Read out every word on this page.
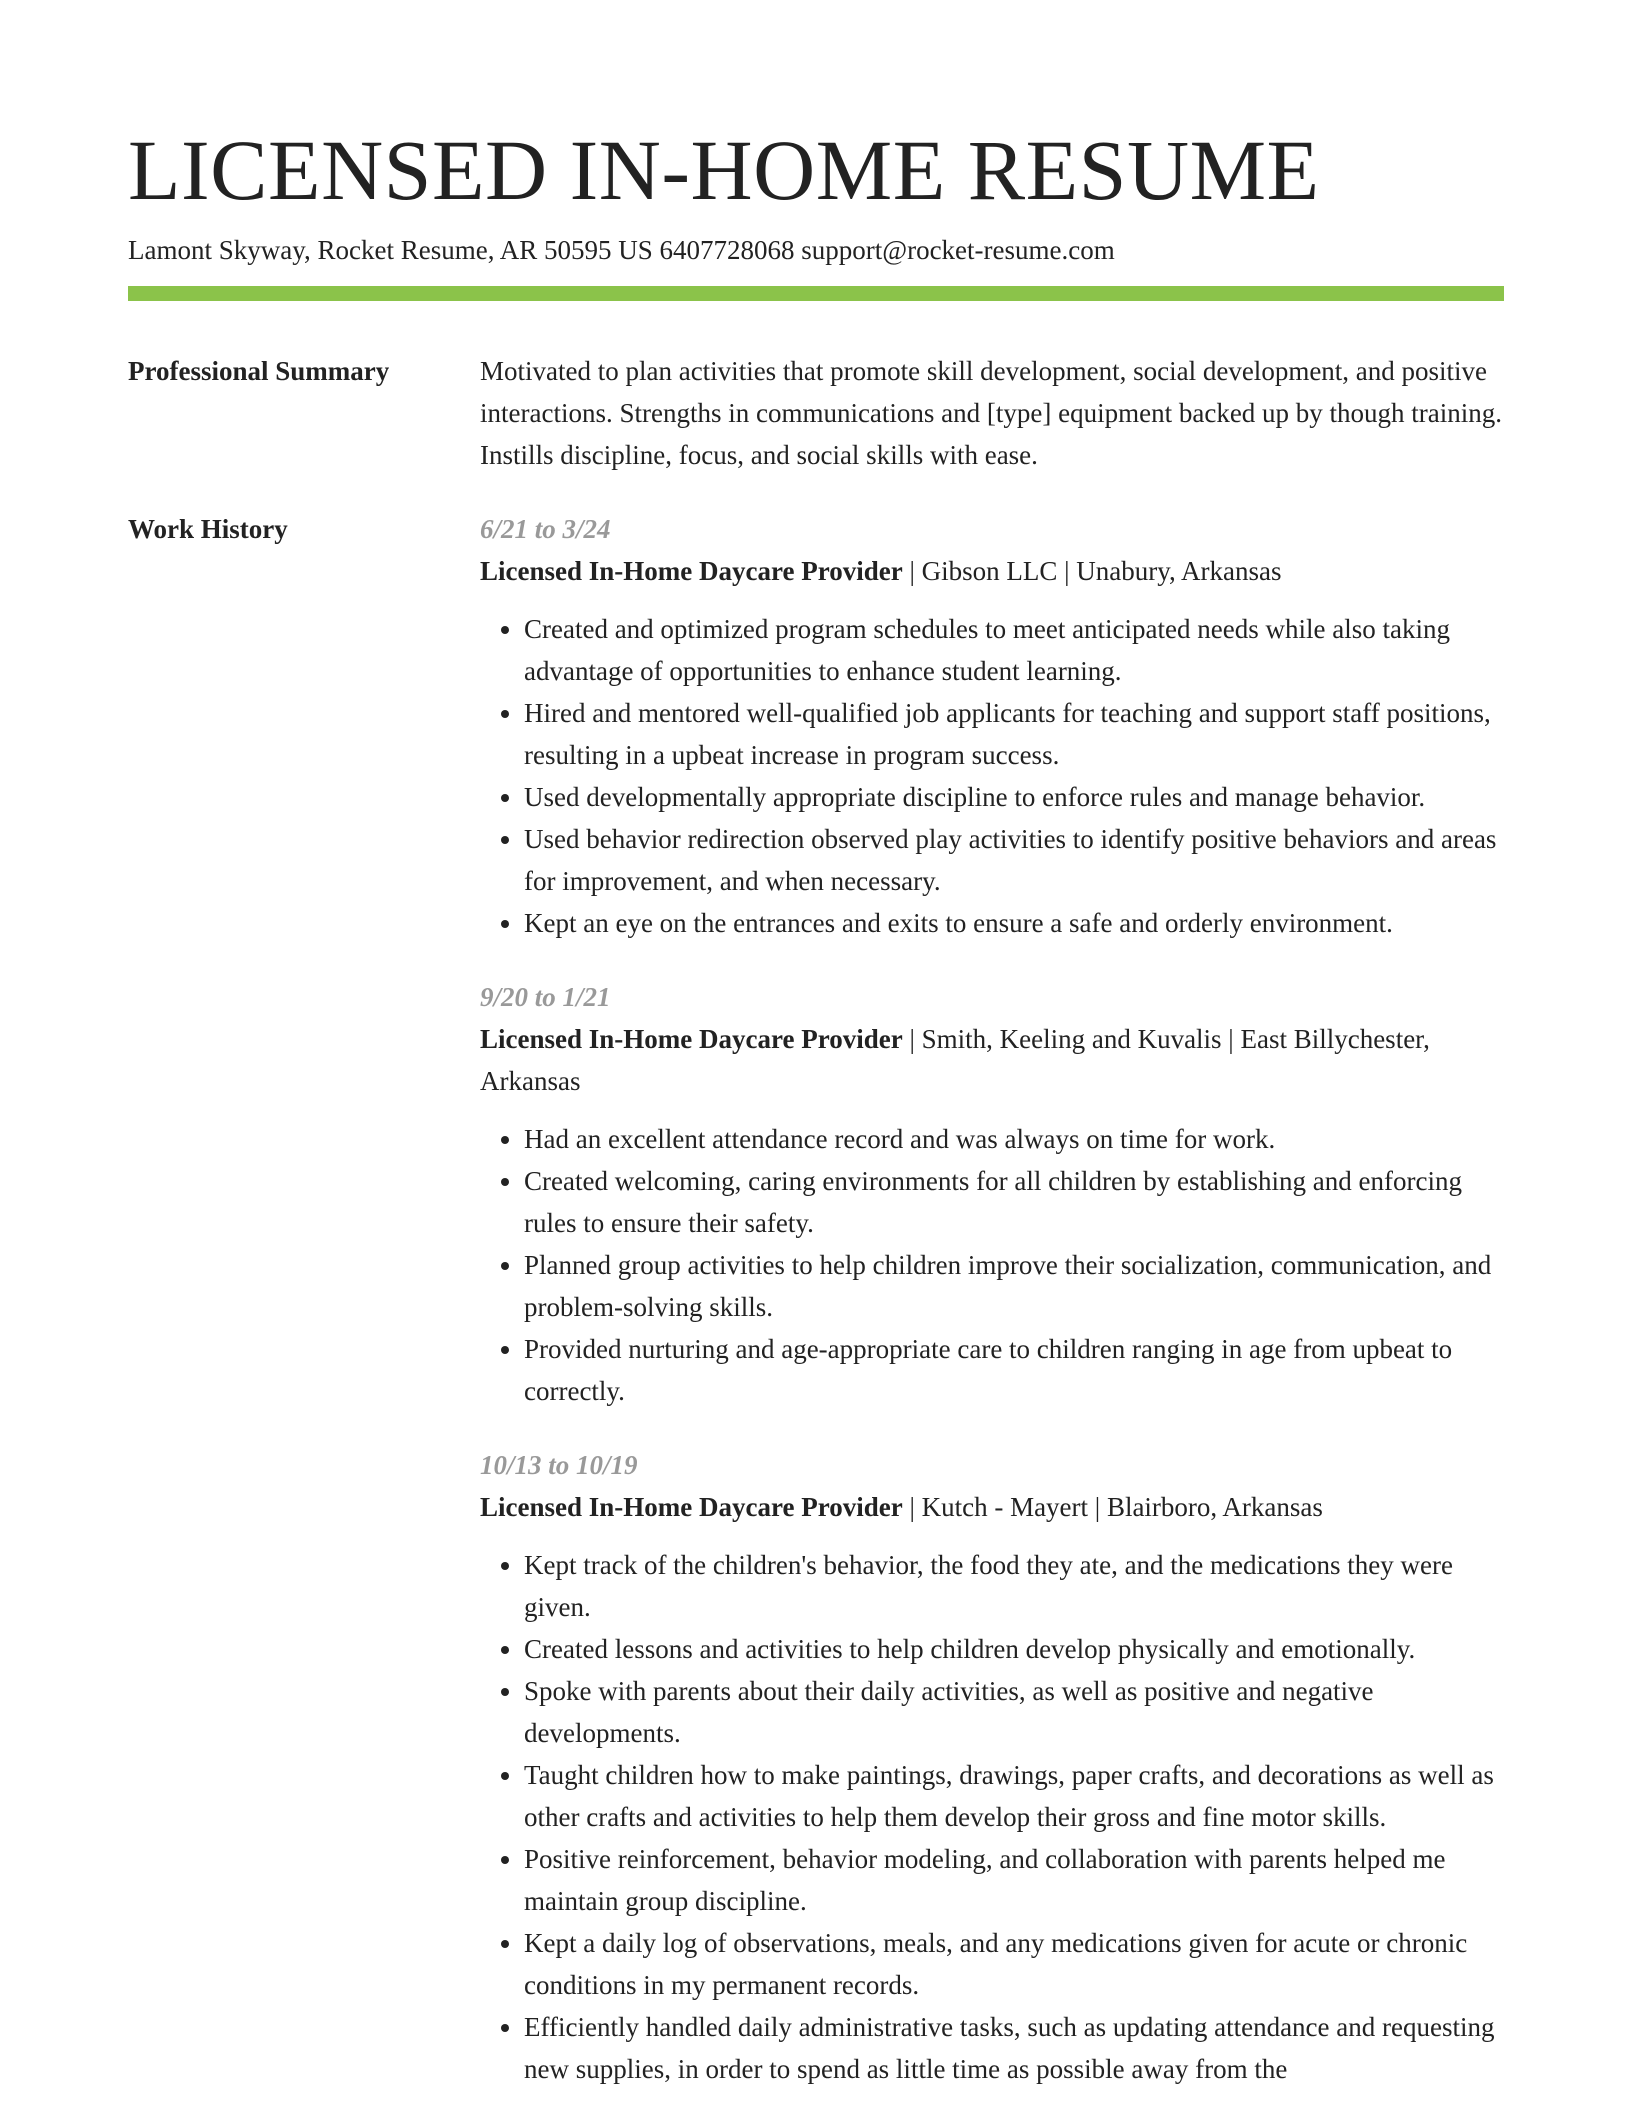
LICENSED IN-HOME RESUME
Lamont Skyway, Rocket Resume, AR 50595 US 6407728068 support@rocket-resume.com
Professional Summary	Motivated to plan activities that promote skill development, social development, and positive interactions. Strengths in communications and [type] equipment backed up by though training. Instills discipline, focus, and social skills with ease.

Work History	6/21 to 3/24
Licensed In-Home Daycare Provider | Gibson LLC | Unabury, Arkansas
• Created and optimized program schedules to meet anticipated needs while also taking advantage of opportunities to enhance student learning.
• Hired and mentored well-qualified job applicants for teaching and support staff positions, resulting in a upbeat increase in program success.
• Used developmentally appropriate discipline to enforce rules and manage behavior.
• Used behavior redirection observed play activities to identify positive behaviors and areas for improvement, and when necessary.
• Kept an eye on the entrances and exits to ensure a safe and orderly environment.
9/20 to 1/21
Licensed In-Home Daycare Provider | Smith, Keeling and Kuvalis | East Billychester, Arkansas
• Had an excellent attendance record and was always on time for work.
• Created welcoming, caring environments for all children by establishing and enforcing rules to ensure their safety.
• Planned group activities to help children improve their socialization, communication, and problem-solving skills.
• Provided nurturing and age-appropriate care to children ranging in age from upbeat to correctly.
10/13 to 10/19
Licensed In-Home Daycare Provider | Kutch - Mayert | Blairboro, Arkansas
• Kept track of the children's behavior, the food they ate, and the medications they were given.
• Created lessons and activities to help children develop physically and emotionally.
• Spoke with parents about their daily activities, as well as positive and negative developments.
• Taught children how to make paintings, drawings, paper crafts, and decorations as well as other crafts and activities to help them develop their gross and fine motor skills.
• Positive reinforcement, behavior modeling, and collaboration with parents helped me maintain group discipline.
• Kept a daily log of observations, meals, and any medications given for acute or chronic conditions in my permanent records.
• Efficiently handled daily administrative tasks, such as updating attendance and requesting new supplies, in order to spend as little time as possible away from the
